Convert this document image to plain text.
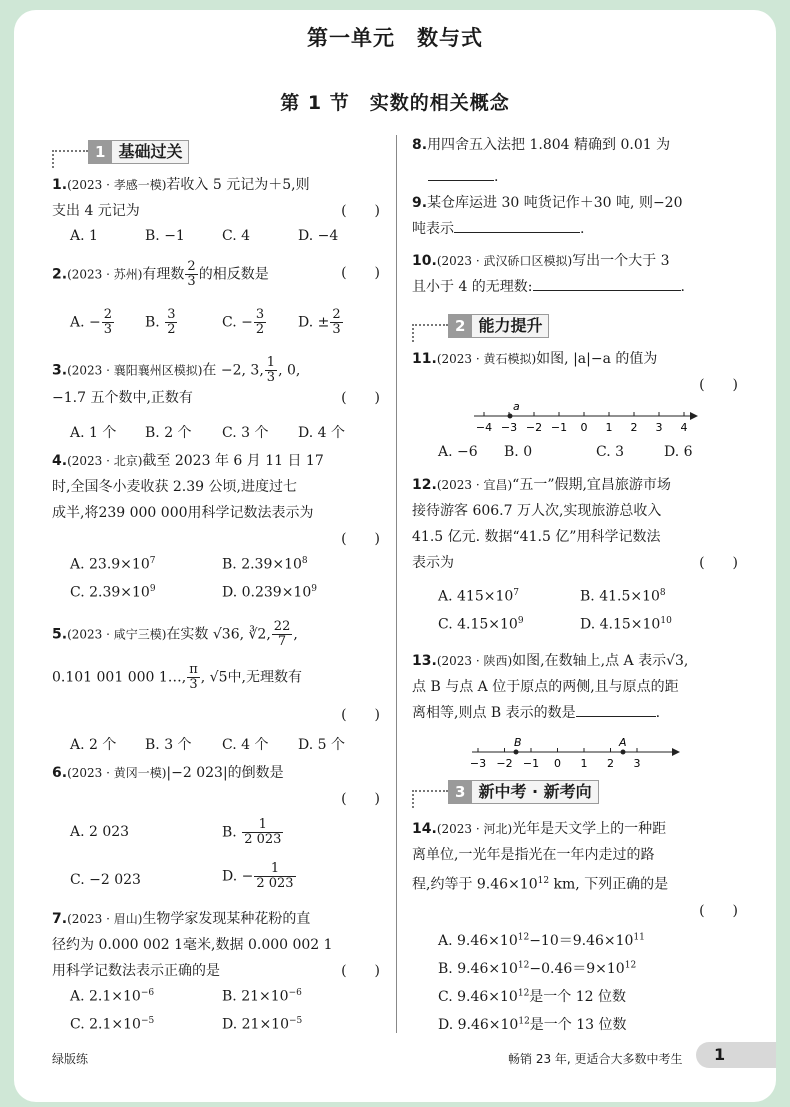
第一单元　数与式
第 1 节　实数的相关概念
1 基础过关
1.(2023 · 孝感一模)若收入 5 元记为＋5,则
支出 4 元记为	(　　)
A. 1	B. −1	C. 4	D. −4
2.(2023 · 苏州)有理数 $\frac{2}{3}$ 的相反数是	(　　)
A. − $\frac{2}{3} B$. $\frac{3}{2}$	C. − $\frac{3}{2} D$. ± $\frac{2}{3}$
3.(2023 · 襄阳襄州区模拟)在 −2, 3, $\frac{1}{3}$ , 0,
−1.7 五个数中,正数有	(　　)
A. 1 个 B. 2 个 C. 3 个 D. 4 个
4.(2023 · 北京)截至 2023 年 6 月 11 日 17
时,全国冬小麦收获 2.39 公顷,进度过七
成半,将239 000 000用科学记数法表示为
(　　)
A. $23.9\times 10^7$	B. $2.39\times 10^8$
C. $2.39\times 10^9$	D. $0.239\times 10^9$
5.(2023 · 咸宁三模)在实数 √36, ∛2, $\frac{22}{7}$ ,
0.101 001 000 1…, $\frac{\pi}{3}$ , √5中,无理数有
(　　)
A. 2 个 B. 3 个 C. 4 个 D. 5 个
6.(2023 · 黄冈一模)|−2 023|的倒数是
(　　)
A. 2 023	B. $\frac{1}{2 023}$
C. −2 023	D. − $\frac{1}{2 023}$
7.(2023 · 眉山)生物学家发现某种花粉的直
径约为 0.000 002 1毫米,数据 0.000 002 1
用科学记数法表示正确的是	(　　)
A. $2.1\times 10^{-6}$	B. $21\times 10^{-6}$
C. $2.1\times 10^{-5}$	D. $21\times 10^{-5}$
8.用四舍五入法把 1.804 精确到 0.01 为
.
9.某仓库运进 30 吨货记作＋30 吨, 则−20
吨表示	.
10.(2023 · 武汉硚口区模拟)写出一个大于 3
且小于 4 的无理数:	.
2 能力提升
11.(2023 · 黄石模拟)如图, |a|−a 的值为
(　　)
−4 −3 −2 −1 0 1 2 3 4
a
A. −6 B. 0	C. 3	D. 6
12.(2023 · 宜昌)“五一”假期,宜昌旅游市场
接待游客 606.7 万人次,实现旅游总收入
41.5 亿元. 数据“41.5 亿”用科学记数法
表示为	(　　)
A. $415\times 10^7$	B. $41.5\times 10^8$
C. $4.15\times 10^9$	D. $4.15\times 10^{10}$
13.(2023 · 陕西)如图,在数轴上,点 A 表示√3,
点 B 与点 A 位于原点的两侧,且与原点的距
离相等,则点 B 表示的数是	.
−3 −2 −1 0 1 2 3
B	A
3 新中考 · 新考向
14.(2023 · 河北)光年是天文学上的一种距
离单位,一光年是指光在一年内走过的路
程,约等于 $9.46\times 10^{12}$ km, 下列正确的是
(　　)
A. $9.46\times 10^{12}-10=9.46\times 10^{11}$
B. $9.46\times 10^{12}-0.46=9\times 10^{12}$
C. $9.46\times 10^{12}$是一个 12 位数
D. $9.46\times 10^{12}$是一个 13 位数
绿版练	畅销 23 年, 更适合大多数中考生 1
